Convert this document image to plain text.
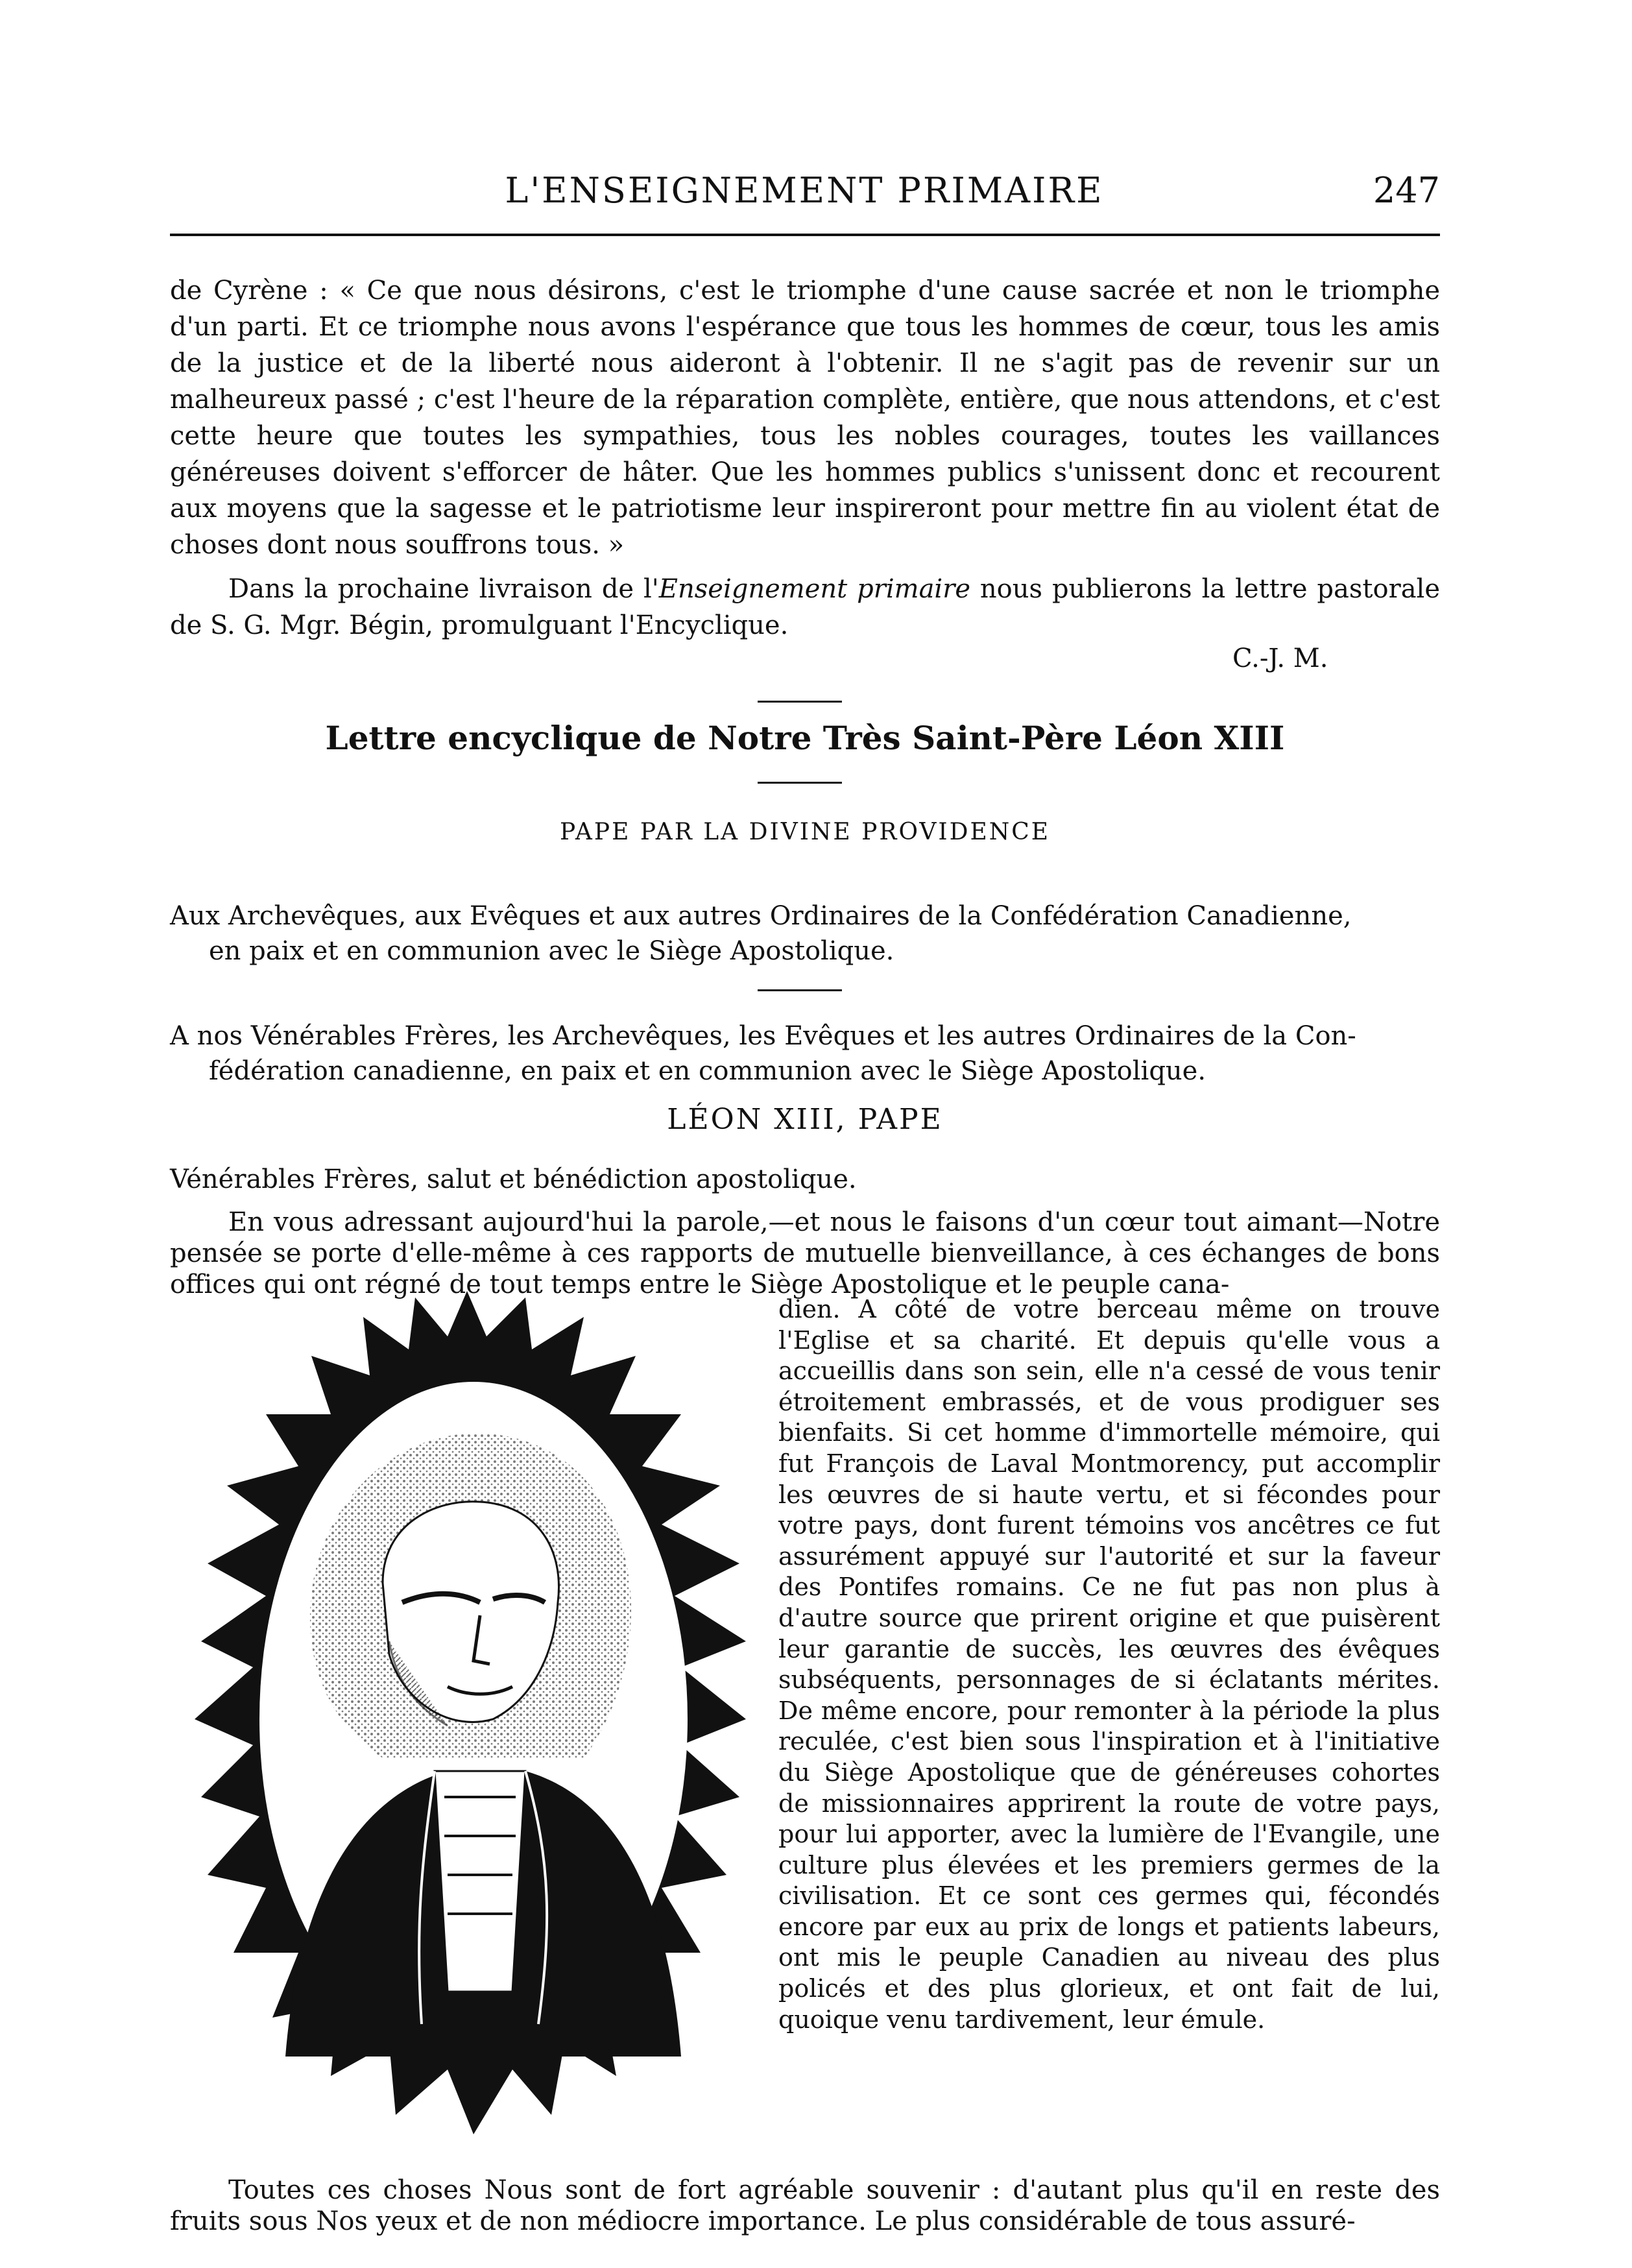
L'ENSEIGNEMENT PRIMAIRE	247

de Cyrène : « Ce que nous désirons, c'est le triomphe d'une cause sacrée et non le triomphe d'un parti. Et ce triomphe nous avons l'espérance que tous les hommes de cœur, tous les amis de la justice et de la liberté nous aideront à l'obtenir. Il ne s'agit pas de revenir sur un malheureux passé ; c'est l'heure de la réparation complète, entière, que nous attendons, et c'est cette heure que toutes les sympathies, tous les nobles courages, toutes les vaillances généreuses doivent s'efforcer de hâter. Que les hommes publics s'unissent donc et recourent aux moyens que la sagesse et le patriotisme leur inspireront pour mettre fin au violent état de choses dont nous souffrons tous. »

Dans la prochaine livraison de l'Enseignement primaire nous publierons la lettre pastorale de S. G. Mgr. Bégin, promulguant l'Encyclique.

C.-J. M.
Lettre encyclique de Notre Très Saint-Père Léon XIII
PAPE PAR LA DIVINE PROVIDENCE
Aux Archevêques, aux Evêques et aux autres Ordinaires de la Confédération Canadienne,
en paix et en communion avec le Siège Apostolique.
A nos Vénérables Frères, les Archevêques, les Evêques et les autres Ordinaires de la Con-
fédération canadienne, en paix et en communion avec le Siège Apostolique.
LÉON XIII, PAPE
Vénérables Frères, salut et bénédiction apostolique.

En vous adressant aujourd'hui la parole,—et nous le faisons d'un cœur tout aimant—Notre pensée se porte d'elle-même à ces rapports de mutuelle bienveillance, à ces échanges de bons offices qui ont régné de tout temps entre le Siège Apostolique et le peuple cana-

dien. A côté de votre berceau même on trouve l'Eglise et sa charité. Et depuis qu'elle vous a accueillis dans son sein, elle n'a cessé de vous tenir étroitement embrassés, et de vous prodiguer ses bienfaits. Si cet homme d'immortelle mémoire, qui fut François de Laval Montmorency, put accomplir les œuvres de si haute vertu, et si fécondes pour votre pays, dont furent témoins vos ancêtres ce fut assurément appuyé sur l'autorité et sur la faveur des Pontifes romains. Ce ne fut pas non plus à d'autre source que prirent origine et que puisèrent leur garantie de succès, les œuvres des évêques subséquents, personnages de si éclatants mérites. De même encore, pour remonter à la période la plus reculée, c'est bien sous l'inspiration et à l'initiative du Siège Apostolique que de généreuses cohortes de missionnaires apprirent la route de votre pays, pour lui apporter, avec la lumière de l'Evangile, une culture plus élevées et les premiers germes de la civilisation. Et ce sont ces germes qui, fécondés encore par eux au prix de longs et patients labeurs, ont mis le peuple Canadien au niveau des plus policés et des plus glorieux, et ont fait de lui, quoique venu tardivement, leur émule.

Toutes ces choses Nous sont de fort agréable souvenir : d'autant plus qu'il en reste des fruits sous Nos yeux et de non médiocre importance. Le plus considérable de tous assuré-
